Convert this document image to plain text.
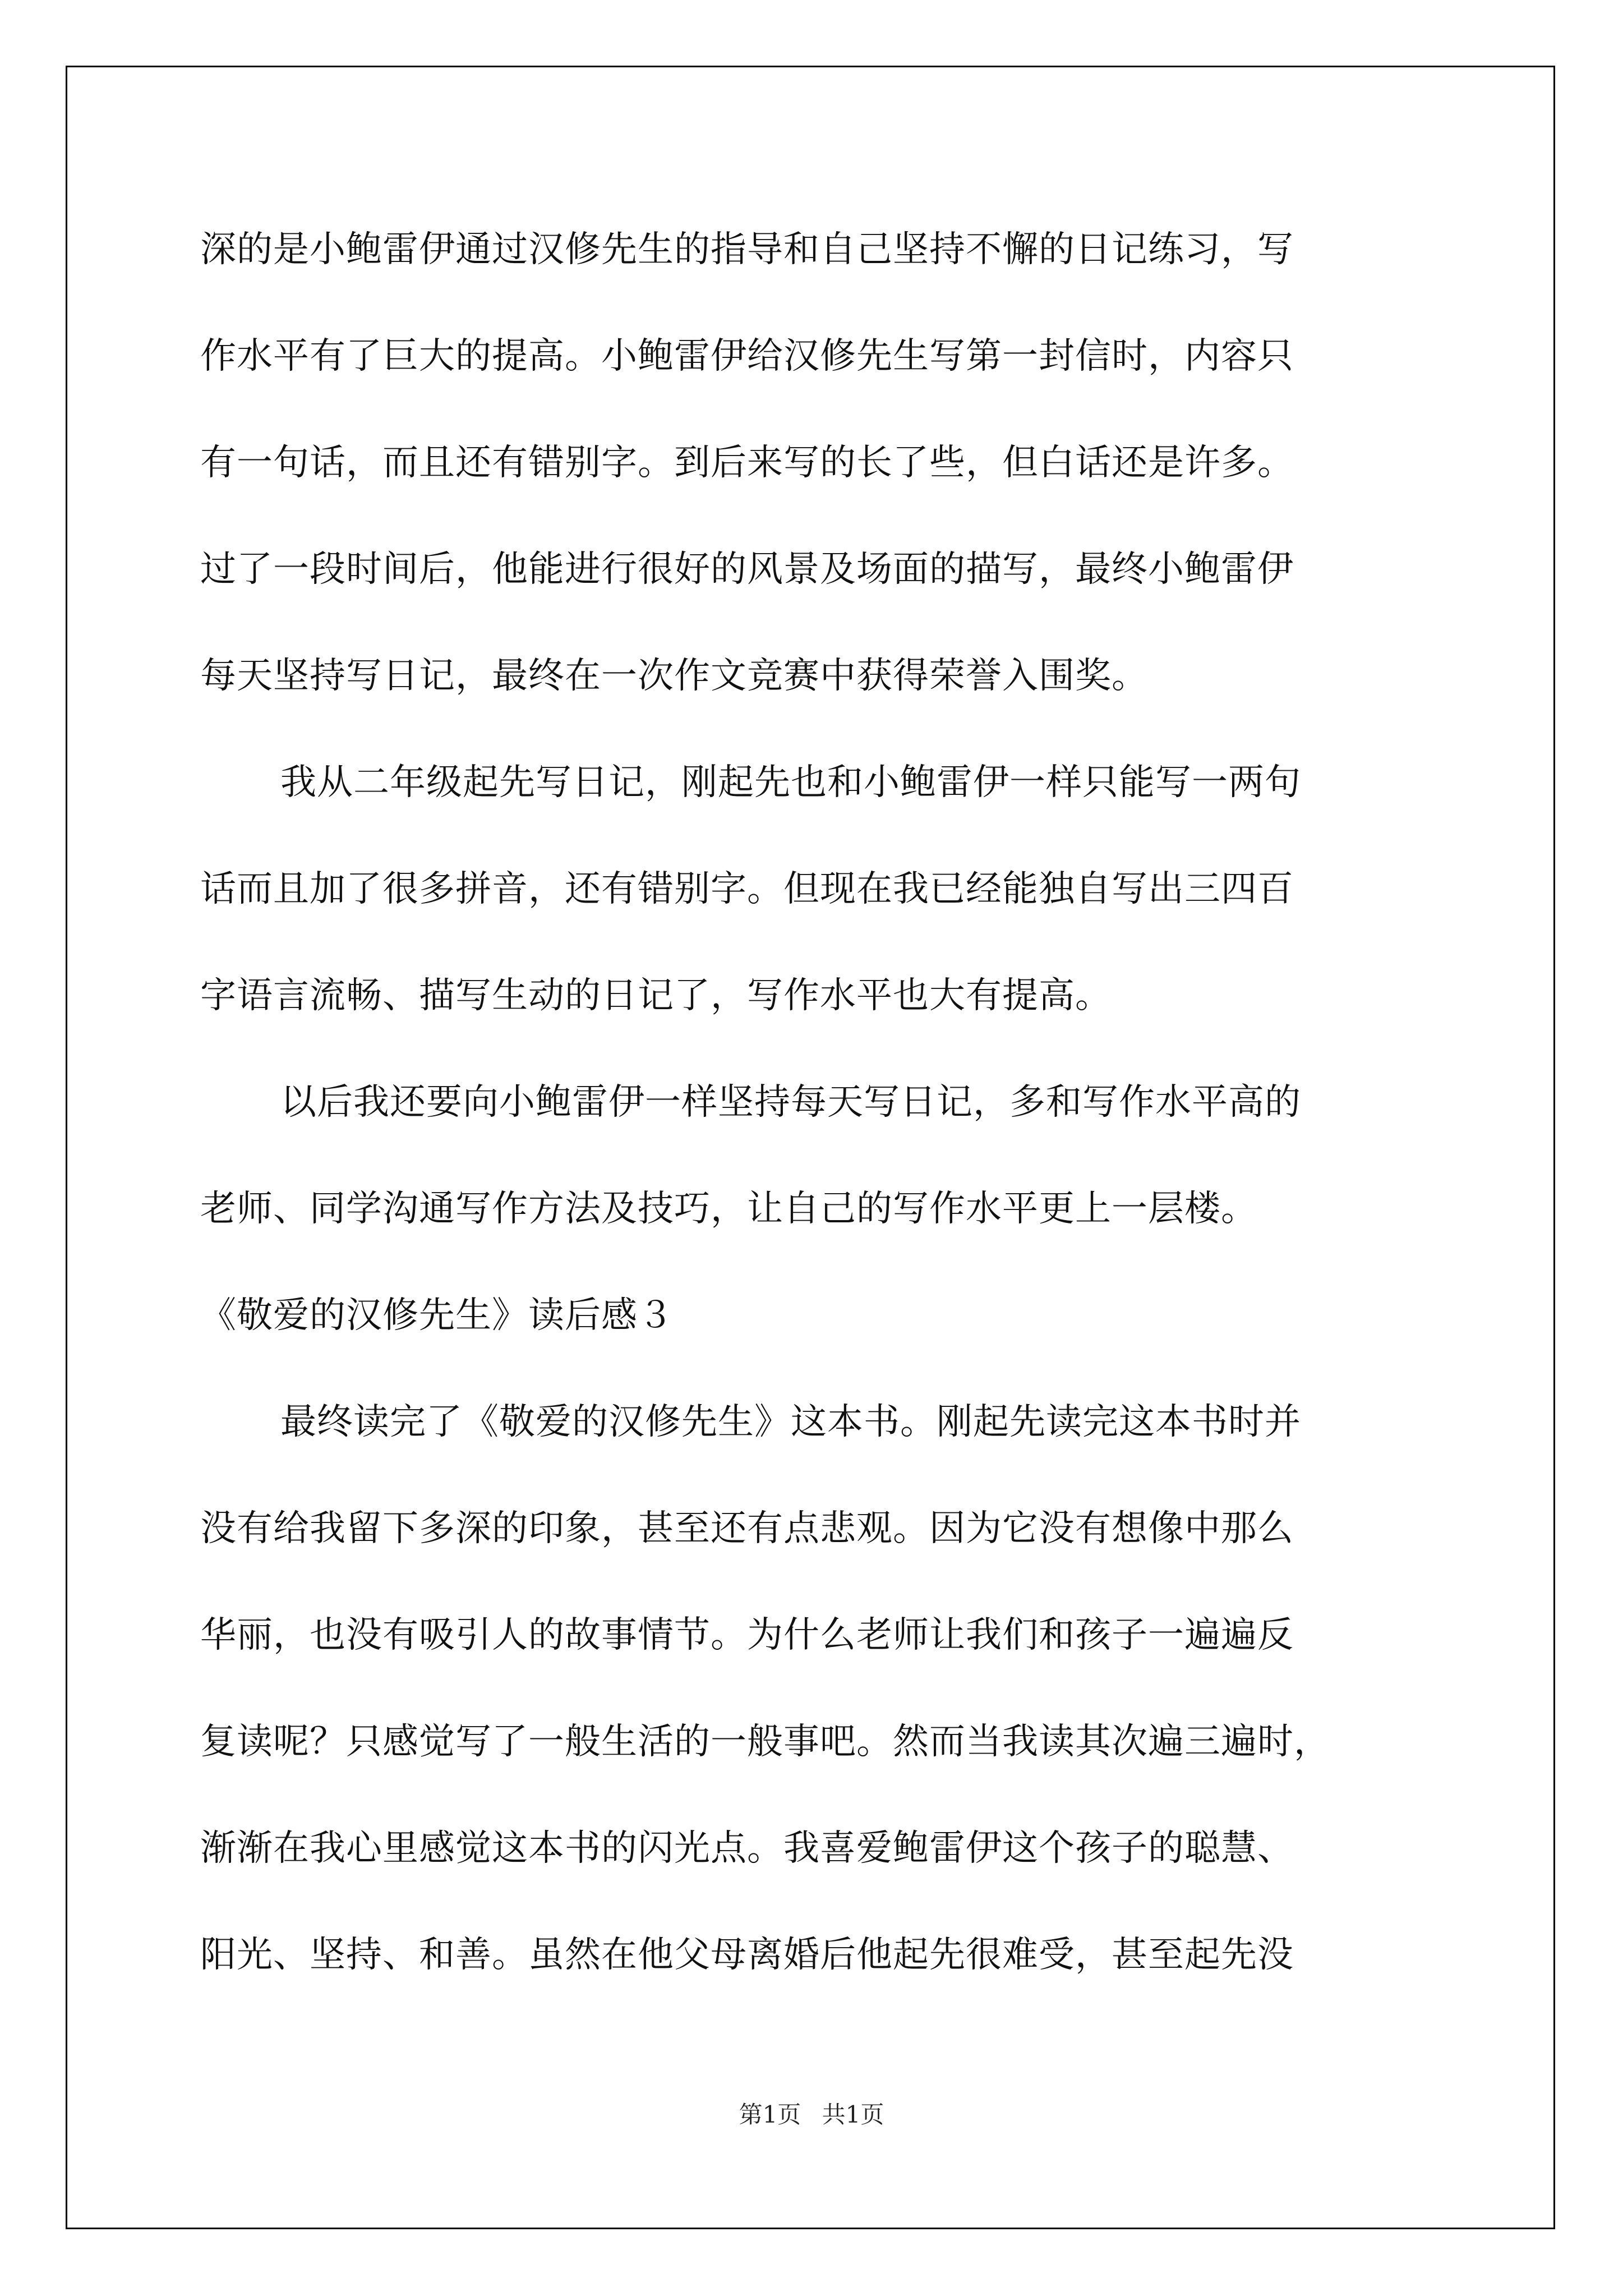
深的是小鲍雷伊通过汉修先生的指导和自己坚持不懈的日记练习，写
作水平有了巨大的提高。小鲍雷伊给汉修先生写第一封信时，内容只
有一句话，而且还有错别字。到后来写的长了些，但白话还是许多。
过了一段时间后，他能进行很好的风景及场面的描写，最终小鲍雷伊
每天坚持写日记，最终在一次作文竞赛中获得荣誉入围奖。
我从二年级起先写日记，刚起先也和小鲍雷伊一样只能写一两句
话而且加了很多拼音，还有错别字。但现在我已经能独自写出三四百
字语言流畅、描写生动的日记了，写作水平也大有提高。
以后我还要向小鲍雷伊一样坚持每天写日记，多和写作水平高的
老师、同学沟通写作方法及技巧，让自己的写作水平更上一层楼。
《敬爱的汉修先生》读后感３
最终读完了《敬爱的汉修先生》这本书。刚起先读完这本书时并
没有给我留下多深的印象，甚至还有点悲观。因为它没有想像中那么
华丽，也没有吸引人的故事情节。为什么老师让我们和孩子一遍遍反
复读呢？只感觉写了一般生活的一般事吧。然而当我读其次遍三遍时，
渐渐在我心里感觉这本书的闪光点。我喜爱鲍雷伊这个孩子的聪慧、
阳光、坚持、和善。虽然在他父母离婚后他起先很难受，甚至起先没
第1页 共1页
